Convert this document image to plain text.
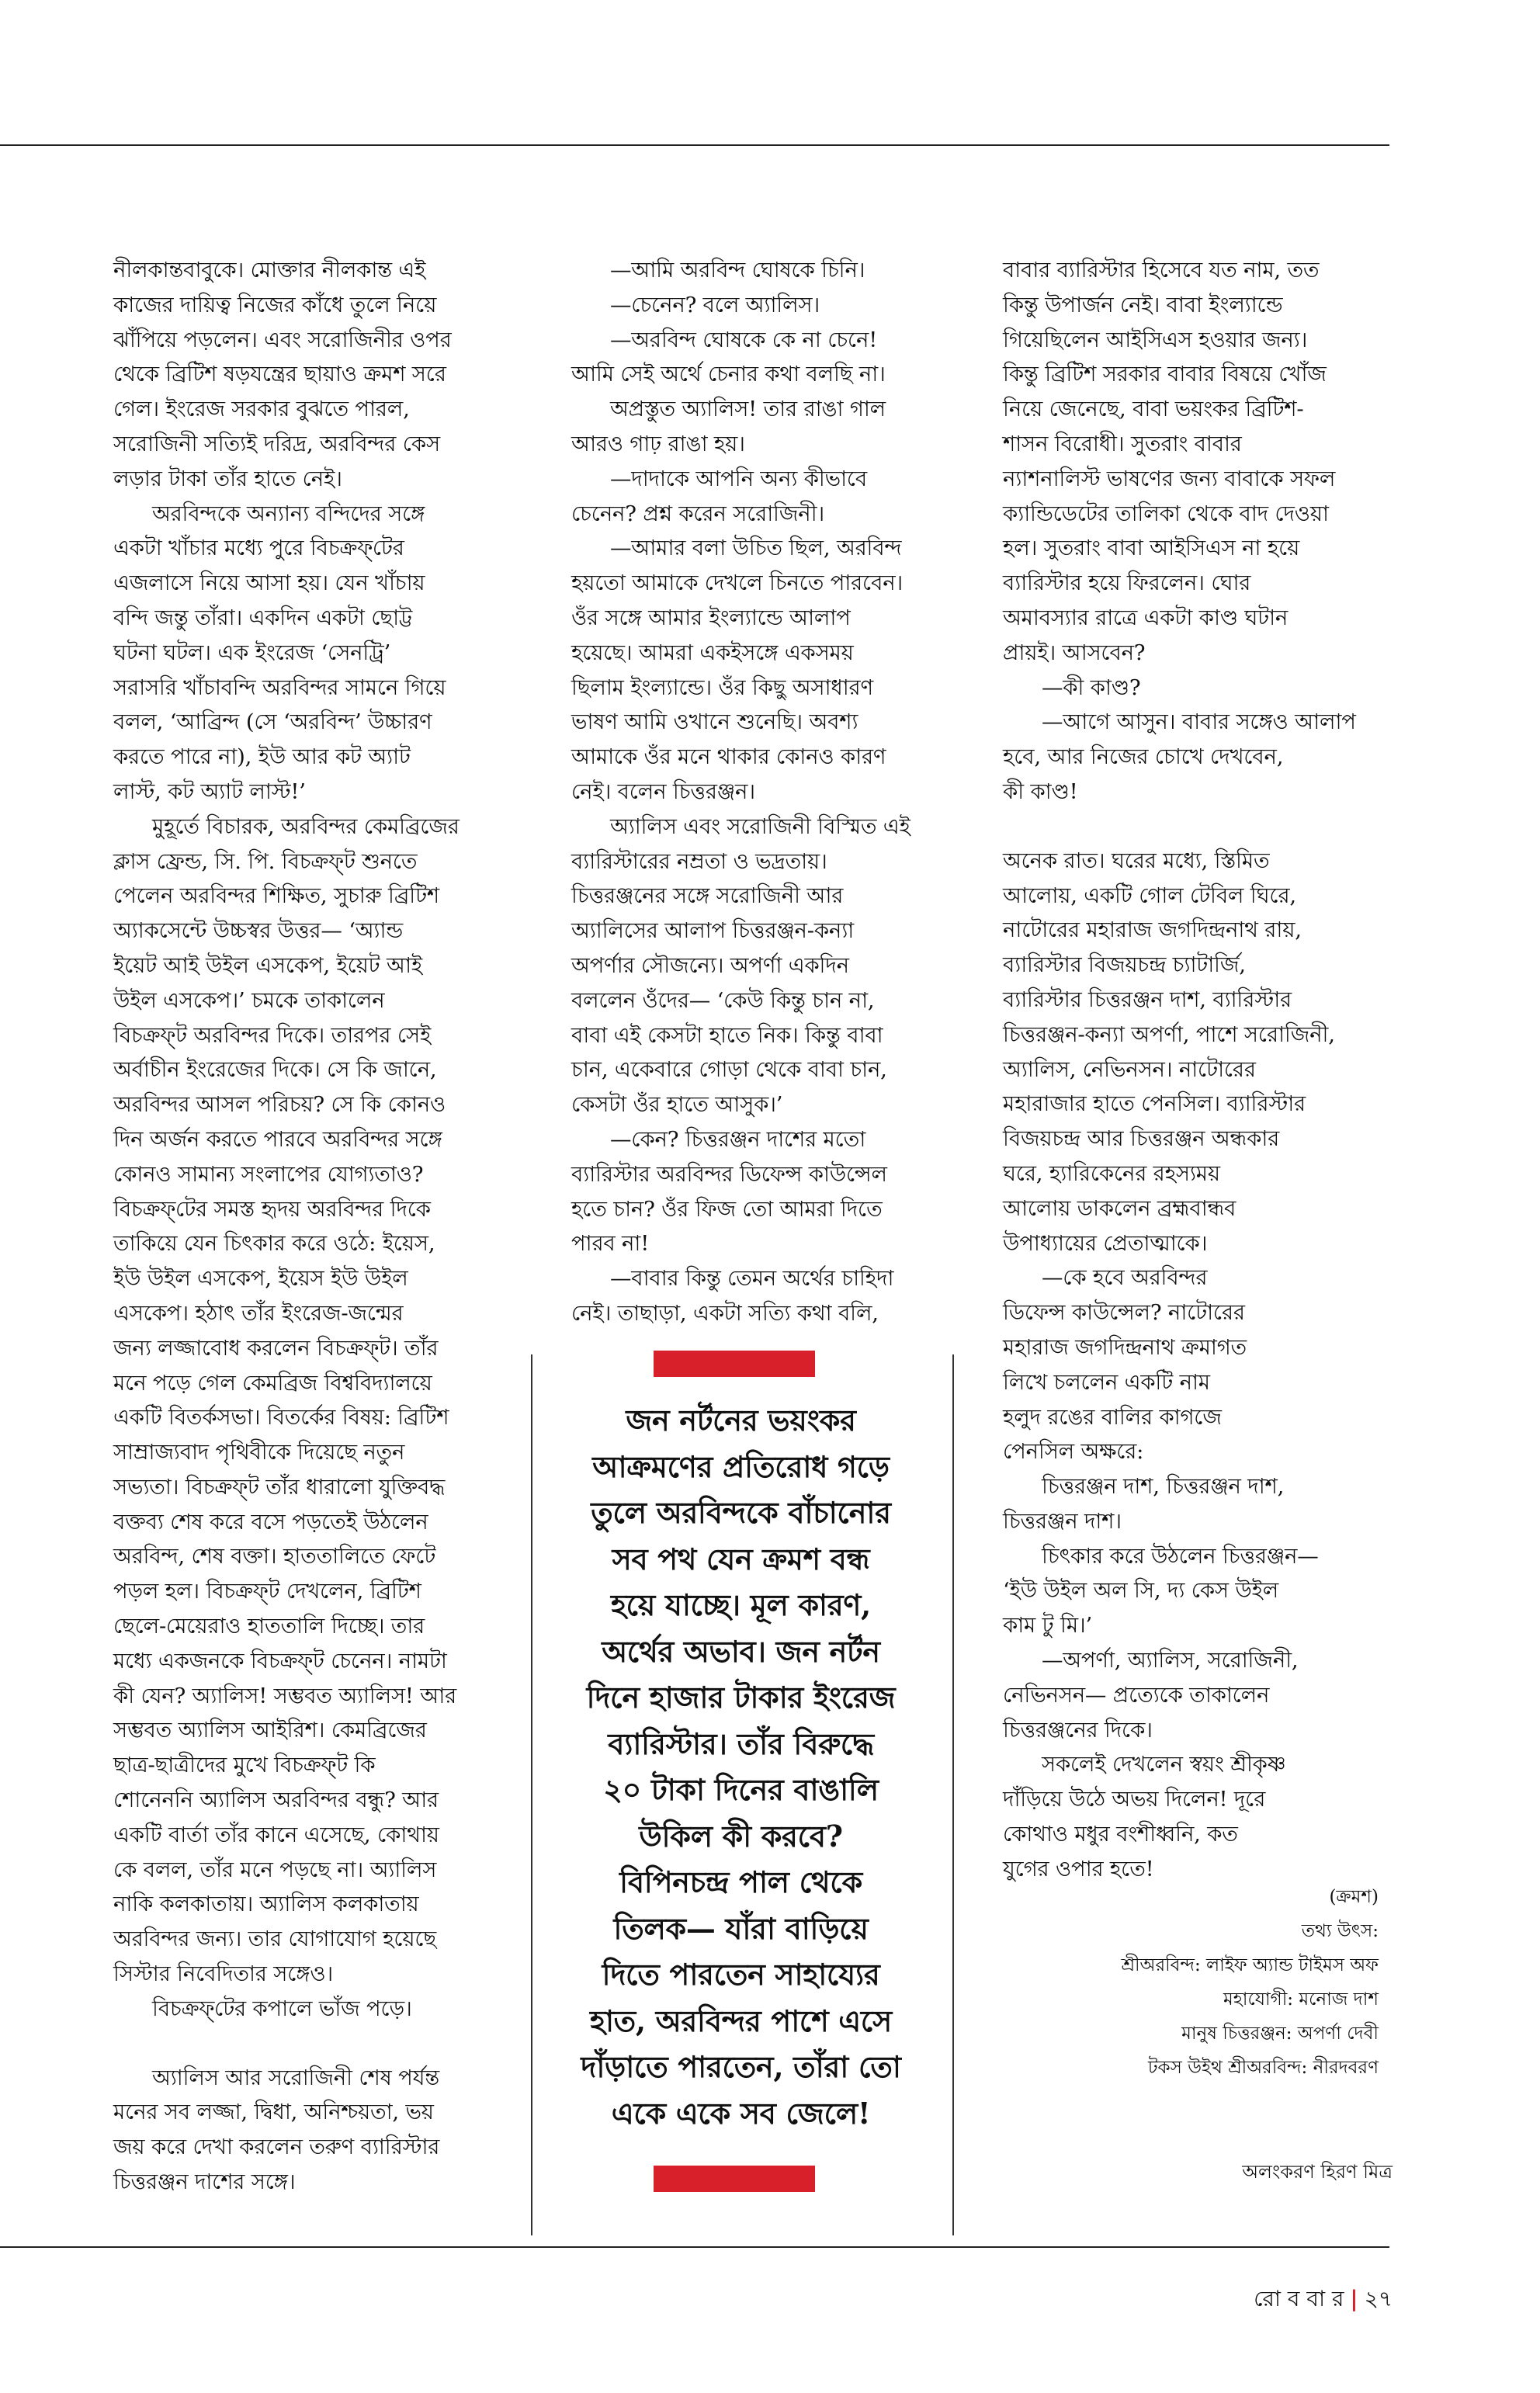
নীলকান্তবাবুকে। মোক্তার নীলকান্ত এই

কাজের দায়িত্ব নিজের কাঁধে তুলে নিয়ে

ঝাঁপিয়ে পড়লেন। এবং সরোজিনীর ওপর

থেকে ব্রিটিশ ষড়যন্ত্রের ছায়াও ক্রমশ সরে

গেল। ইংরেজ সরকার বুঝতে পারল,

সরোজিনী সত্যিই দরিদ্র, অরবিন্দর কেস

লড়ার টাকা তাঁর হাতে নেই।

অরবিন্দকে অন্যান্য বন্দিদের সঙ্গে

একটা খাঁচার মধ্যে পুরে বিচক্রফ্‌টের

এজলাসে নিয়ে আসা হয়। যেন খাঁচায়

বন্দি জন্তু তাঁরা। একদিন একটা ছোট্ট

ঘটনা ঘটল। এক ইংরেজ ‘সেনট্রি’

সরাসরি খাঁচাবন্দি অরবিন্দর সামনে গিয়ে

বলল, ‘আব্রিন্দ (সে ‘অরবিন্দ’ উচ্চারণ

করতে পারে না), ইউ আর কট অ্যাট

লাস্ট, কট অ্যাট লাস্ট!’

মুহূর্তে বিচারক, অরবিন্দর কেমব্রিজের

ক্লাস ফ্রেন্ড, সি. পি. বিচক্রফ্‌ট শুনতে

পেলেন অরবিন্দর শিক্ষিত, সুচারু ব্রিটিশ

অ্যাকসেন্টে উচ্চস্বর উত্তর— ‘অ্যান্ড

ইয়েট আই উইল এসকেপ, ইয়েট আই

উইল এসকেপ।’ চমকে তাকালেন

বিচক্রফ্‌ট অরবিন্দর দিকে। তারপর সেই

অর্বাচীন ইংরেজের দিকে। সে কি জানে,

অরবিন্দর আসল পরিচয়? সে কি কোনও

দিন অর্জন করতে পারবে অরবিন্দর সঙ্গে

কোনও সামান্য সংলাপের যোগ্যতাও?

বিচক্রফ্‌টের সমস্ত হৃদয় অরবিন্দর দিকে

তাকিয়ে যেন চিৎকার করে ওঠে: ইয়েস,

ইউ উইল এসকেপ, ইয়েস ইউ উইল

এসকেপ। হঠাৎ তাঁর ইংরেজ-জন্মের

জন্য লজ্জাবোধ করলেন বিচক্রফ্‌ট। তাঁর

মনে পড়ে গেল কেমব্রিজ বিশ্ববিদ্যালয়ে

একটি বিতর্কসভা। বিতর্কের বিষয়: ব্রিটিশ

সাম্রাজ্যবাদ পৃথিবীকে দিয়েছে নতুন

সভ্যতা। বিচক্রফ্‌ট তাঁর ধারালো যুক্তিবদ্ধ

বক্তব্য শেষ করে বসে পড়তেই উঠলেন

অরবিন্দ, শেষ বক্তা। হাততালিতে ফেটে

পড়ল হল। বিচক্রফ্‌ট দেখলেন, ব্রিটিশ

ছেলে-মেয়েরাও হাততালি দিচ্ছে। তার

মধ্যে একজনকে বিচক্রফ্‌ট চেনেন। নামটা

কী যেন? অ্যালিস! সম্ভবত অ্যালিস! আর

সম্ভবত অ্যালিস আইরিশ। কেমব্রিজের

ছাত্র-ছাত্রীদের মুখে বিচক্রফ্‌ট কি

শোনেননি অ্যালিস অরবিন্দর বন্ধু? আর

একটি বার্তা তাঁর কানে এসেছে, কোথায়

কে বলল, তাঁর মনে পড়ছে না। অ্যালিস

নাকি কলকাতায়। অ্যালিস কলকাতায়

অরবিন্দর জন্য। তার যোগাযোগ হয়েছে

সিস্টার নিবেদিতার সঙ্গেও।

বিচক্রফ্‌টের কপালে ভাঁজ পড়ে।

অ্যালিস আর সরোজিনী শেষ পর্যন্ত

মনের সব লজ্জা, দ্বিধা, অনিশ্চয়তা, ভয়

জয় করে দেখা করলেন তরুণ ব্যারিস্টার

চিত্তরঞ্জন দাশের সঙ্গে।

—আমি অরবিন্দ ঘোষকে চিনি।

—চেনেন? বলে অ্যালিস।

—অরবিন্দ ঘোষকে কে না চেনে!

আমি সেই অর্থে চেনার কথা বলছি না।

অপ্রস্তুত অ্যালিস! তার রাঙা গাল

আরও গাঢ় রাঙা হয়।

—দাদাকে আপনি অন্য কীভাবে

চেনেন? প্রশ্ন করেন সরোজিনী।

—আমার বলা উচিত ছিল, অরবিন্দ

হয়তো আমাকে দেখলে চিনতে পারবেন।

ওঁর সঙ্গে আমার ইংল্যান্ডে আলাপ

হয়েছে। আমরা একইসঙ্গে একসময়

ছিলাম ইংল্যান্ডে। ওঁর কিছু অসাধারণ

ভাষণ আমি ওখানে শুনেছি। অবশ্য

আমাকে ওঁর মনে থাকার কোনও কারণ

নেই। বলেন চিত্তরঞ্জন।

অ্যালিস এবং সরোজিনী বিস্মিত এই

ব্যারিস্টারের নম্রতা ও ভদ্রতায়।

চিত্তরঞ্জনের সঙ্গে সরোজিনী আর

অ্যালিসের আলাপ চিত্তরঞ্জন-কন্যা

অপর্ণার সৌজন্যে। অপর্ণা একদিন

বললেন ওঁদের— ‘কেউ কিন্তু চান না,

বাবা এই কেসটা হাতে নিক। কিন্তু বাবা

চান, একেবারে গোড়া থেকে বাবা চান,

কেসটা ওঁর হাতে আসুক।’

—কেন? চিত্তরঞ্জন দাশের মতো

ব্যারিস্টার অরবিন্দর ডিফেন্স কাউন্সেল

হতে চান? ওঁর ফিজ তো আমরা দিতে

পারব না!

—বাবার কিন্তু তেমন অর্থের চাহিদা

নেই। তাছাড়া, একটা সত্যি কথা বলি,

বাবার ব্যারিস্টার হিসেবে যত নাম, তত

কিন্তু উপার্জন নেই। বাবা ইংল্যান্ডে

গিয়েছিলেন আইসিএস হওয়ার জন্য।

কিন্তু ব্রিটিশ সরকার বাবার বিষয়ে খোঁজ

নিয়ে জেনেছে, বাবা ভয়ংকর ব্রিটিশ-

শাসন বিরোধী। সুতরাং বাবার

ন্যাশনালিস্ট ভাষণের জন্য বাবাকে সফল

ক্যান্ডিডেটের তালিকা থেকে বাদ দেওয়া

হল। সুতরাং বাবা আইসিএস না হয়ে

ব্যারিস্টার হয়ে ফিরলেন। ঘোর

অমাবস্যার রাত্রে একটা কাণ্ড ঘটান

প্রায়ই। আসবেন?

—কী কাণ্ড?

—আগে আসুন। বাবার সঙ্গেও আলাপ

হবে, আর নিজের চোখে দেখবেন,

কী কাণ্ড!

অনেক রাত। ঘরের মধ্যে, স্তিমিত

আলোয়, একটি গোল টেবিল ঘিরে,

নাটোরের মহারাজ জগদিন্দ্রনাথ রায়,

ব্যারিস্টার বিজয়চন্দ্র চ্যাটার্জি,

ব্যারিস্টার চিত্তরঞ্জন দাশ, ব্যারিস্টার

চিত্তরঞ্জন-কন্যা অপর্ণা, পাশে সরোজিনী,

অ্যালিস, নেভিনসন। নাটোরের

মহারাজার হাতে পেনসিল। ব্যারিস্টার

বিজয়চন্দ্র আর চিত্তরঞ্জন অন্ধকার

ঘরে, হ্যারিকেনের রহস্যময়

আলোয় ডাকলেন ব্রহ্মবান্ধব

উপাধ্যায়ের প্রেতাত্মাকে।

—কে হবে অরবিন্দর

ডিফেন্স কাউন্সেল? নাটোরের

মহারাজ জগদিন্দ্রনাথ ক্রমাগত

লিখে চললেন একটি নাম

হলুদ রঙের বালির কাগজে

পেনসিল অক্ষরে:

চিত্তরঞ্জন দাশ, চিত্তরঞ্জন দাশ,

চিত্তরঞ্জন দাশ।

চিৎকার করে উঠলেন চিত্তরঞ্জন—

‘ইউ উইল অল সি, দ্য কেস উইল

কাম টু মি।’

—অপর্ণা, অ্যালিস, সরোজিনী,

নেভিনসন— প্রত্যেকে তাকালেন

চিত্তরঞ্জনের দিকে।

সকলেই দেখলেন স্বয়ং শ্রীকৃষ্ণ

দাঁড়িয়ে উঠে অভয় দিলেন! দূরে

কোথাও মধুর বংশীধ্বনি, কত

যুগের ওপার হতে!

জন নর্টনের ভয়ংকর

আক্রমণের প্রতিরোধ গড়ে

তুলে অরবিন্দকে বাঁচানোর

সব পথ যেন ক্রমশ বন্ধ

হয়ে যাচ্ছে। মূল কারণ,

অর্থের অভাব। জন নর্টন

দিনে হাজার টাকার ইংরেজ

ব্যারিস্টার। তাঁর বিরুদ্ধে

২০ টাকা দিনের বাঙালি

উকিল কী করবে?

বিপিনচন্দ্র পাল থেকে

তিলক— যাঁরা বাড়িয়ে

দিতে পারতেন সাহায্যের

হাত, অরবিন্দর পাশে এসে

দাঁড়াতে পারতেন, তাঁরা তো

একে একে সব জেলে!

(ক্রমশ)

তথ্য উৎস:

শ্রীঅরবিন্দ: লাইফ অ্যান্ড টাইমস অফ

মহাযোগী: মনোজ দাশ

মানুষ চিত্তরঞ্জন: অপর্ণা দেবী

টকস উইথ শ্রীঅরবিন্দ: নীরদবরণ

অলংকরণ হিরণ মিত্র
রো ব বা র | ২৭
